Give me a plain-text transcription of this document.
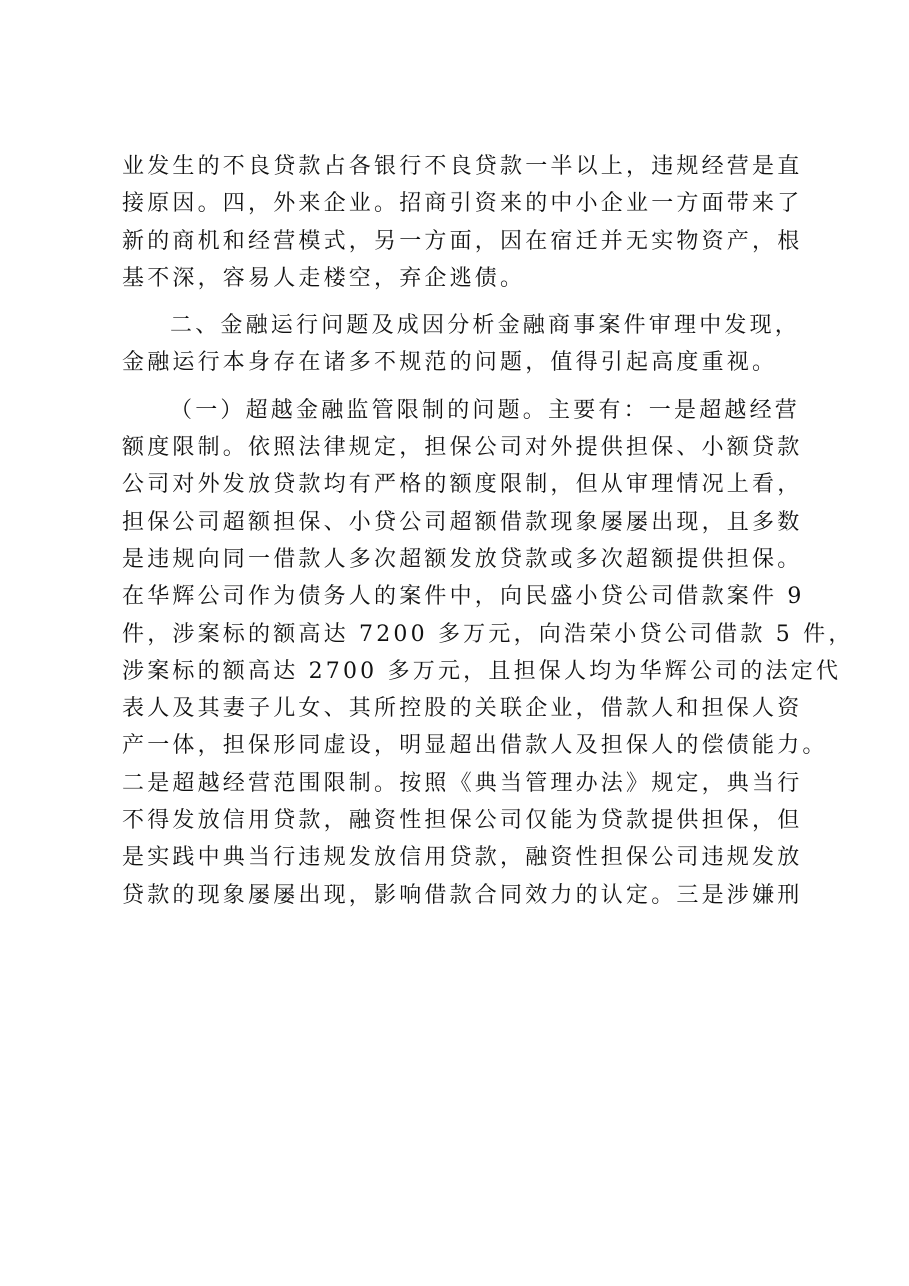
业发生的不良贷款占各银行不良贷款一半以上，违规经营是直
接原因。四，外来企业。招商引资来的中小企业一方面带来了
新的商机和经营模式，另一方面，因在宿迁并无实物资产，根
基不深，容易人走楼空，弃企逃债。
二、金融运行问题及成因分析金融商事案件审理中发现，
金融运行本身存在诸多不规范的问题，值得引起高度重视。
（一）超越金融监管限制的问题。主要有：一是超越经营
额度限制。依照法律规定，担保公司对外提供担保、小额贷款
公司对外发放贷款均有严格的额度限制，但从审理情况上看，
担保公司超额担保、小贷公司超额借款现象屡屡出现，且多数
是违规向同一借款人多次超额发放贷款或多次超额提供担保。
在华辉公司作为债务人的案件中，向民盛小贷公司借款案件 9
件，涉案标的额高达 7200 多万元，向浩荣小贷公司借款 5 件，
涉案标的额高达 2700 多万元，且担保人均为华辉公司的法定代
表人及其妻子儿女、其所控股的关联企业，借款人和担保人资
产一体，担保形同虚设，明显超出借款人及担保人的偿债能力。
二是超越经营范围限制。按照《典当管理办法》规定，典当行
不得发放信用贷款，融资性担保公司仅能为贷款提供担保，但
是实践中典当行违规发放信用贷款，融资性担保公司违规发放
贷款的现象屡屡出现，影响借款合同效力的认定。三是涉嫌刑
